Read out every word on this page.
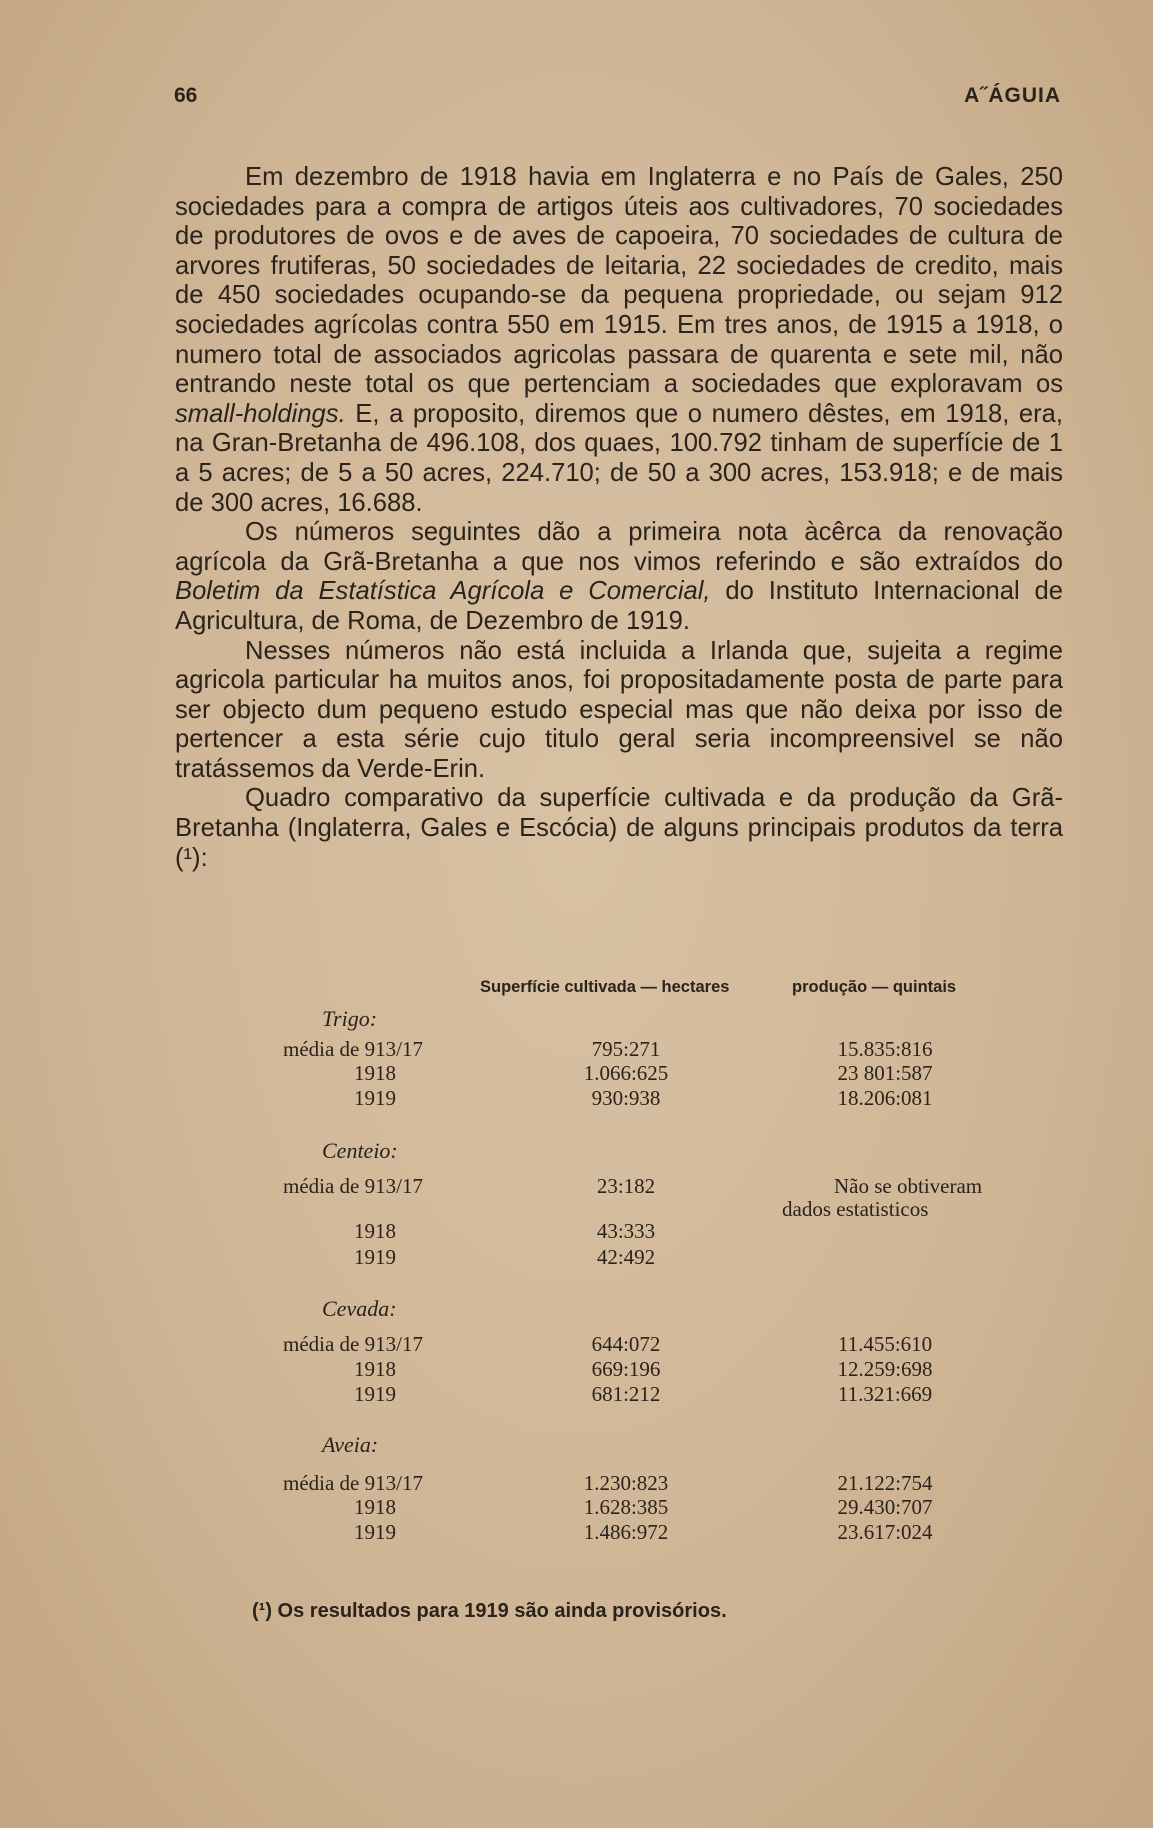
66	A˝ÁGUIA

Em dezembro de 1918 havia em Inglaterra e no País de Gales, 250 sociedades para a compra de artigos úteis aos cultivadores, 70 sociedades de produtores de ovos e de aves de capoeira, 70 sociedades de cultura de arvores frutiferas, 50 sociedades de leitaria, 22 sociedades de credito, mais de 450 sociedades ocupando-se da pequena propriedade, ou sejam 912 sociedades agrícolas contra 550 em 1915. Em tres anos, de 1915 a 1918, o numero total de associados agricolas passara de quarenta e sete mil, não entrando neste total os que pertenciam a sociedades que exploravam os small-holdings. E, a proposito, diremos que o numero dêstes, em 1918, era, na Gran-Bretanha de 496.108, dos quaes, 100.792 tinham de superfície de 1 a 5 acres; de 5 a 50 acres, 224.710; de 50 a 300 acres, 153.918; e de mais de 300 acres, 16.688.

Os números seguintes dão a primeira nota àcêrca da renovação agrícola da Grã-Bretanha a que nos vimos referindo e são extraídos do Boletim da Estatística Agrícola e Comercial, do Instituto Internacional de Agricultura, de Roma, de Dezembro de 1919.

Nesses números não está incluida a Irlanda que, sujeita a regime agricola particular ha muitos anos, foi propositadamente posta de parte para ser objecto dum pequeno estudo especial mas que não deixa por isso de pertencer a esta série cujo titulo geral seria incompreensivel se não tratássemos da Verde-Erin.

Quadro comparativo da superfície cultivada e da produção da Grã-Bretanha (Inglaterra, Gales e Escócia) de alguns principais produtos da terra (¹):

Superfície cultivada — hectares	produção — quintais
Trigo:
média de 913/17	795:271	15.835:816
1918	1.066:625	23 801:587
1919	930:938	18.206:081
Centeio:
média de 913/17	23:182	Não se obtiveram
dados estatisticos
1918	43:333
1919	42:492
Cevada:
média de 913/17	644:072	11.455:610
1918	669:196	12.259:698
1919	681:212	11.321:669
Aveia:
média de 913/17	1.230:823	21.122:754
1918	1.628:385	29.430:707
1919	1.486:972	23.617:024
(¹) Os resultados para 1919 são ainda provisórios.
